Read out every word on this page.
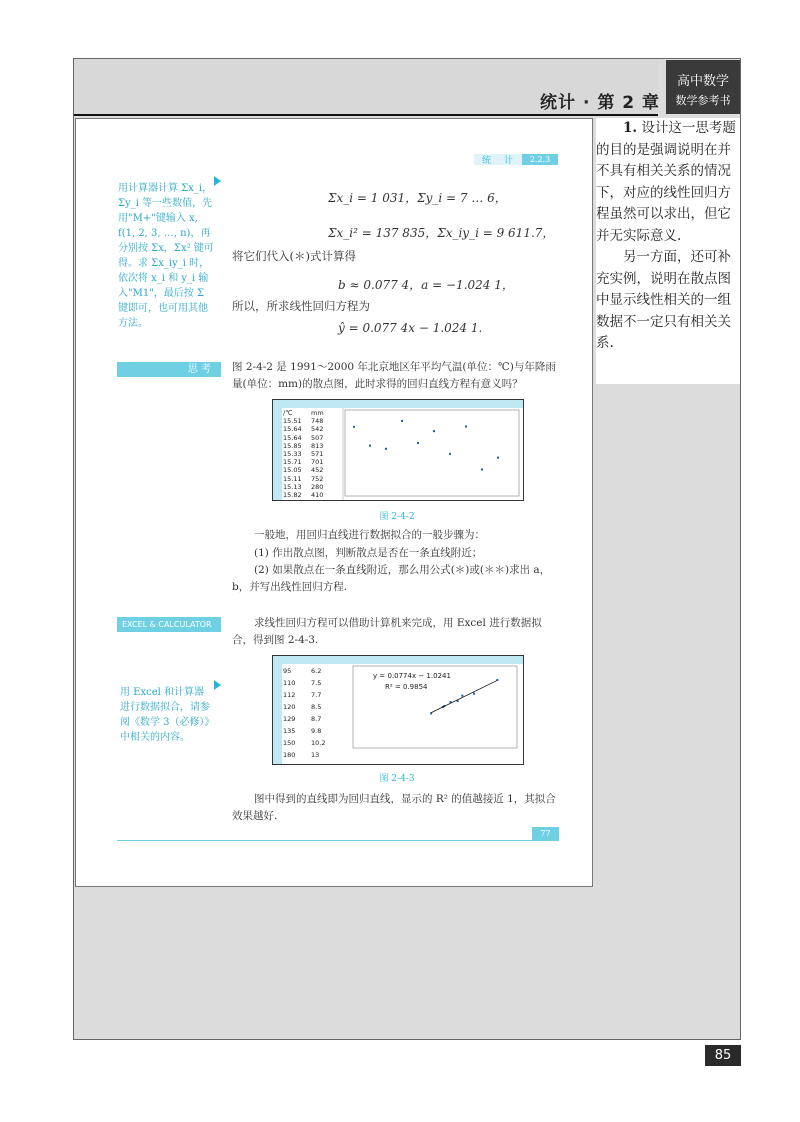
统计 · 第 2 章
高中数学
数学参考书

1. 设计这一思考题的目的是强调说明在并不具有相关关系的情况下，对应的线性回归方程虽然可以求出，但它并无实际意义.

另一方面，还可补充实例，说明在散点图中显示线性相关的一组数据不一定只有相关关系.

统 计	2.2.3
用计算器计算 Σx_i，Σy_i 等一些数值，先用"M+"键输入 x, f(1, 2, 3, …, n)，再分别按 Σx，Σx² 键可得。求 Σx_iy_i 时，依次将 x_i 和 y_i 输入"M1"，最后按 Σ 键即可，也可用其他方法。
Σx_i = 1 031，Σy_i = 7 … 6，
Σx_i² = 137 835，Σx_iy_i = 9 611.7，
将它们代入(＊)式计算得
b ≈ 0.077 4，a = −1.024 1，
所以，所求线性回归方程为
ŷ = 0.077 4x − 1.024 1.
思 考 图 2-4-2 是 1991～2000 年北京地区年平均气温(单位：℃)与年降雨量(单位：mm)的散点图，此时求得的回归直线方程有意义吗？
/℃	mm
15.51 748
15.64 542
15.64 507
15.85 813
15.33 571
15.71 701
15.05 452
15.11 752
15.13 280
15.82 410
图 2-4-2
一般地，用回归直线进行数据拟合的一般步骤为：
(1) 作出散点图，判断散点是否在一条直线附近；
(2) 如果散点在一条直线附近，那么用公式(＊)或(＊＊)求出 a，b，并写出线性回归方程.
EXCEL & CALCULATOR	求线性回归方程可以借助计算机来完成，用 Excel 进行数据拟合，得到图 2-4-3.
用 Excel 和计算器进行数据拟合，请参阅《数学 3（必修）》中相关的内容。
y = 0.0774x − 1.0241
R² = 0.9854
95	6.2
110 7.5
112 7.7
120 8.5
129 8.7
135 9.8
150 10.2
180 13
图 2-4-3
图中得到的直线即为回归直线，显示的 R² 的值越接近 1，其拟合效果越好.
77
85
